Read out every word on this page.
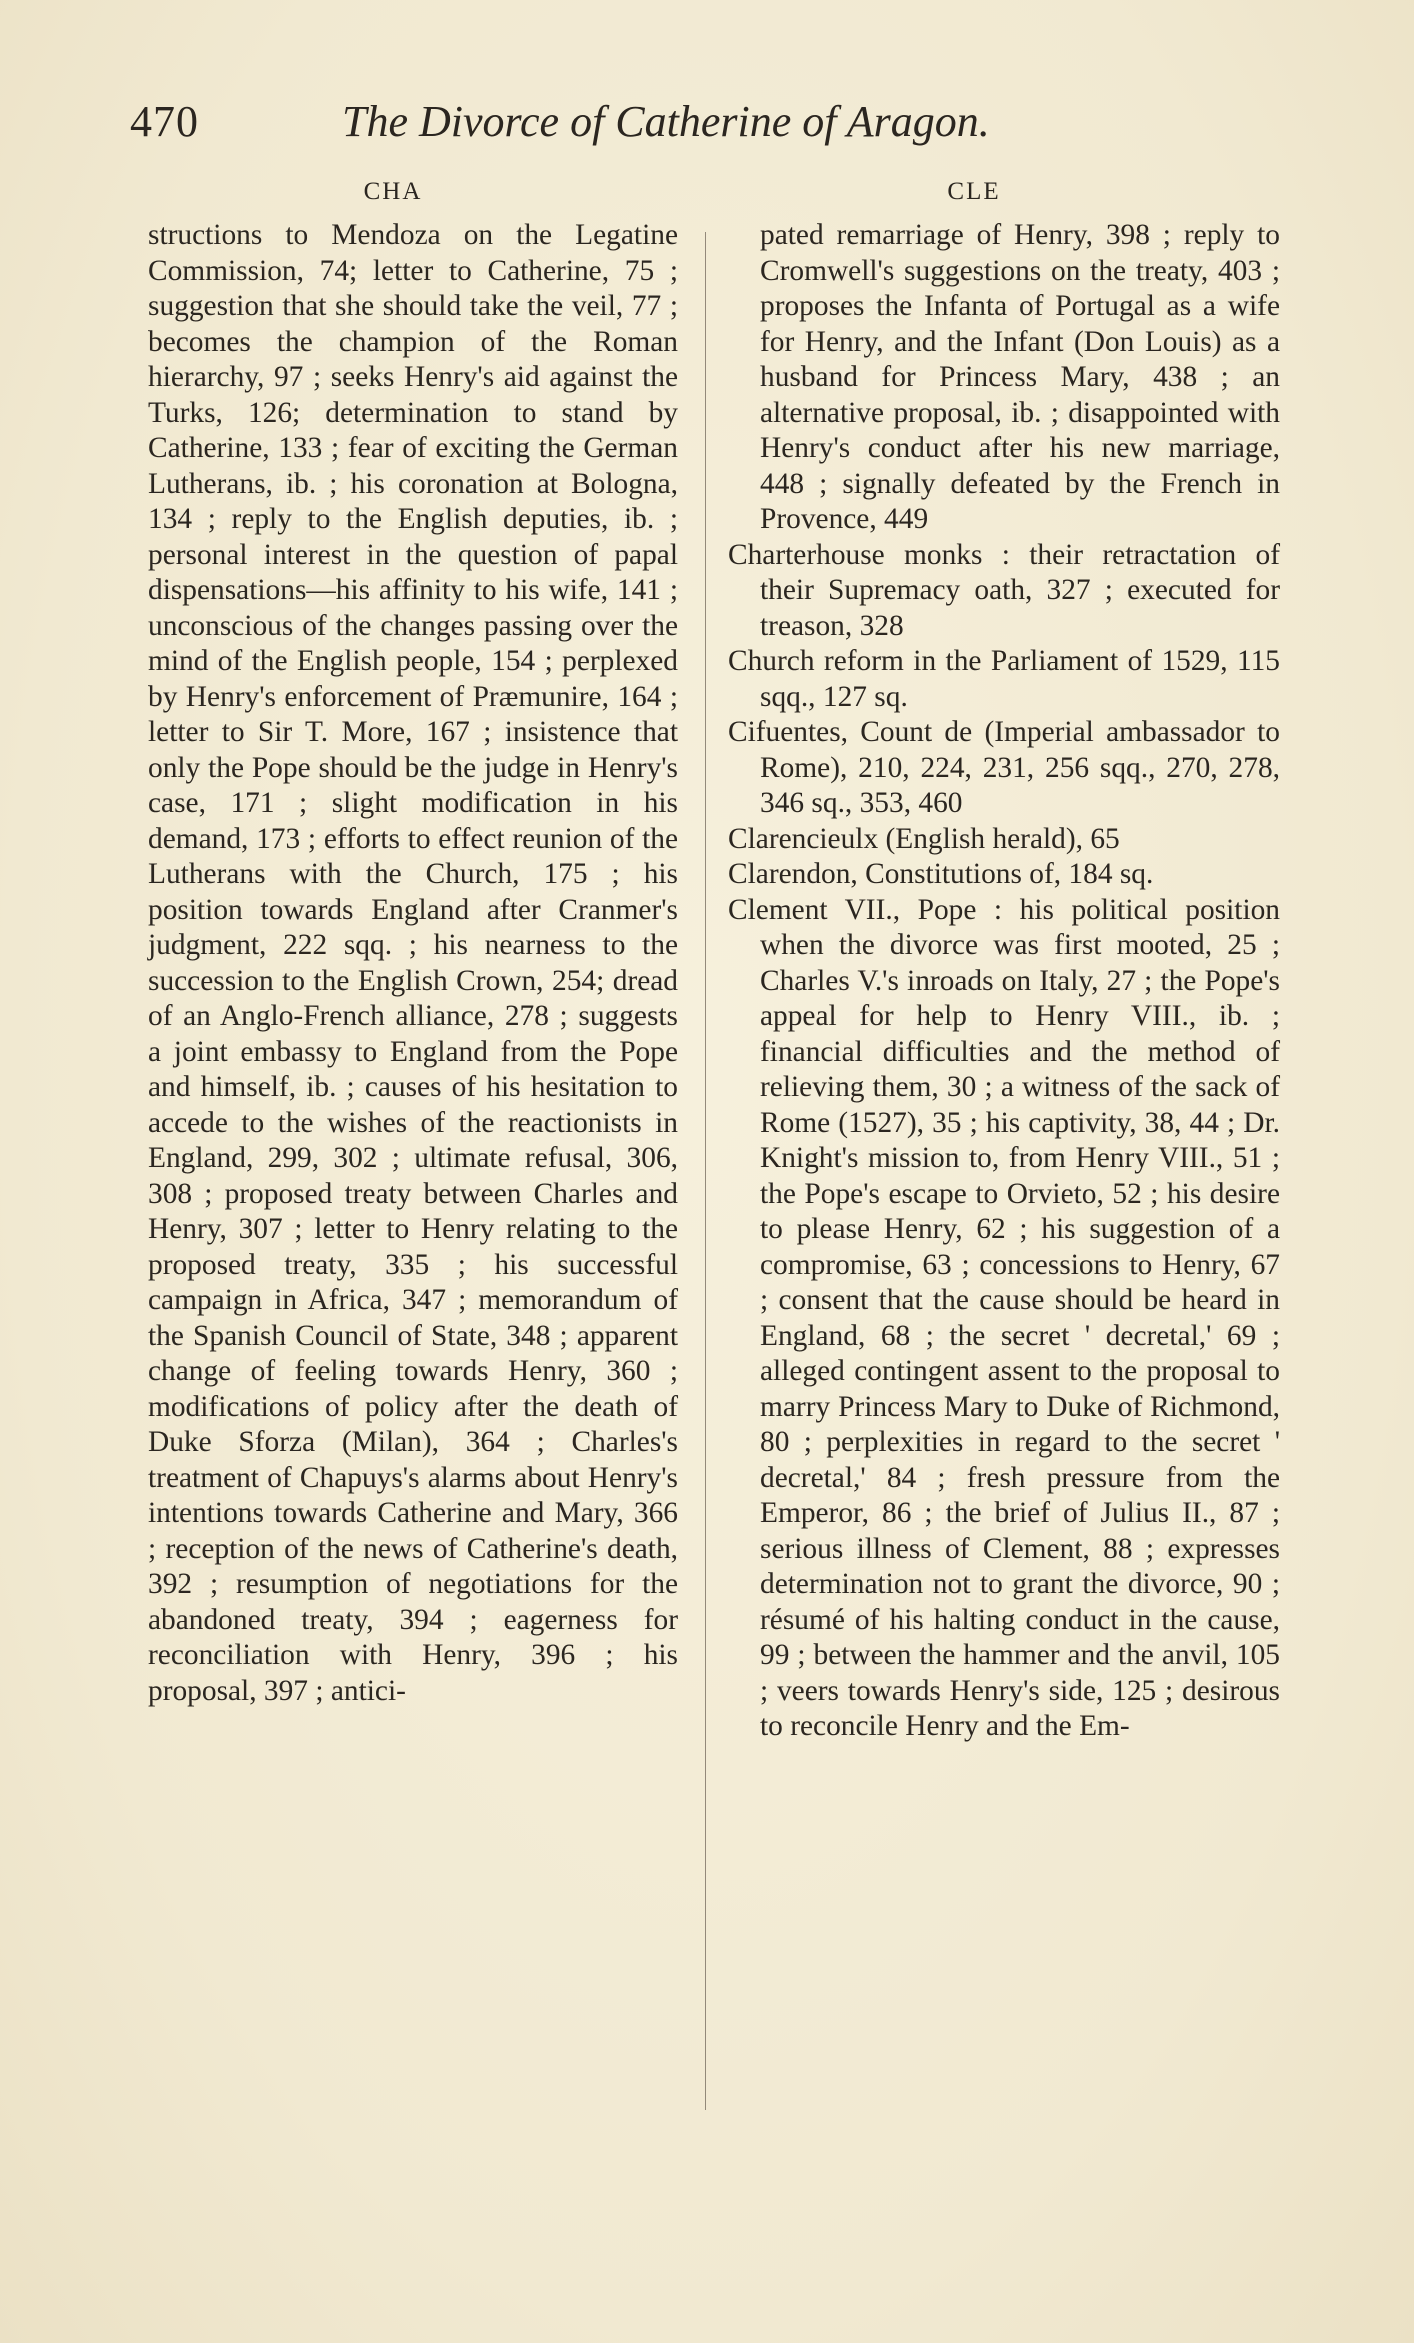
470	The Divorce of Catherine of Aragon.
CHA

structions to Mendoza on the Legatine Commission, 74; letter to Catherine, 75 ; suggestion that she should take the veil, 77 ; becomes the champion of the Roman hierarchy, 97 ; seeks Henry's aid against the Turks, 126; determination to stand by Catherine, 133 ; fear of exciting the German Lutherans, ib. ; his coronation at Bologna, 134 ; reply to the English deputies, ib. ; personal interest in the question of papal dispensations—his affinity to his wife, 141 ; unconscious of the changes passing over the mind of the English people, 154 ; perplexed by Henry's enforcement of Præmunire, 164 ; letter to Sir T. More, 167 ; insistence that only the Pope should be the judge in Henry's case, 171 ; slight modification in his demand, 173 ; efforts to effect reunion of the Lutherans with the Church, 175 ; his position towards England after Cranmer's judgment, 222 sqq. ; his nearness to the succession to the English Crown, 254; dread of an Anglo-French alliance, 278 ; suggests a joint embassy to England from the Pope and himself, ib. ; causes of his hesitation to accede to the wishes of the reactionists in England, 299, 302 ; ultimate refusal, 306, 308 ; proposed treaty between Charles and Henry, 307 ; letter to Henry relating to the proposed treaty, 335 ; his successful campaign in Africa, 347 ; memorandum of the Spanish Council of State, 348 ; apparent change of feeling towards Henry, 360 ; modifications of policy after the death of Duke Sforza (Milan), 364 ; Charles's treatment of Chapuys's alarms about Henry's intentions towards Catherine and Mary, 366 ; reception of the news of Catherine's death, 392 ; resumption of negotiations for the abandoned treaty, 394 ; eagerness for reconciliation with Henry, 396 ; his proposal, 397 ; antici-

CLE

pated remarriage of Henry, 398 ; reply to Cromwell's suggestions on the treaty, 403 ; proposes the Infanta of Portugal as a wife for Henry, and the Infant (Don Louis) as a husband for Princess Mary, 438 ; an alternative proposal, ib. ; disappointed with Henry's conduct after his new marriage, 448 ; signally defeated by the French in Provence, 449

Charterhouse monks : their retractation of their Supremacy oath, 327 ; executed for treason, 328

Church reform in the Parliament of 1529, 115 sqq., 127 sq.

Cifuentes, Count de (Imperial ambassador to Rome), 210, 224, 231, 256 sqq., 270, 278, 346 sq., 353, 460

Clarencieulx (English herald), 65

Clarendon, Constitutions of, 184 sq.

Clement VII., Pope : his political position when the divorce was first mooted, 25 ; Charles V.'s inroads on Italy, 27 ; the Pope's appeal for help to Henry VIII., ib. ; financial difficulties and the method of relieving them, 30 ; a witness of the sack of Rome (1527), 35 ; his captivity, 38, 44 ; Dr. Knight's mission to, from Henry VIII., 51 ; the Pope's escape to Orvieto, 52 ; his desire to please Henry, 62 ; his suggestion of a compromise, 63 ; concessions to Henry, 67 ; consent that the cause should be heard in England, 68 ; the secret ' decretal,' 69 ; alleged contingent assent to the proposal to marry Princess Mary to Duke of Richmond, 80 ; perplexities in regard to the secret ' decretal,' 84 ; fresh pressure from the Emperor, 86 ; the brief of Julius II., 87 ; serious illness of Clement, 88 ; expresses determination not to grant the divorce, 90 ; résumé of his halting conduct in the cause, 99 ; between the hammer and the anvil, 105 ; veers towards Henry's side, 125 ; desirous to reconcile Henry and the Em-
